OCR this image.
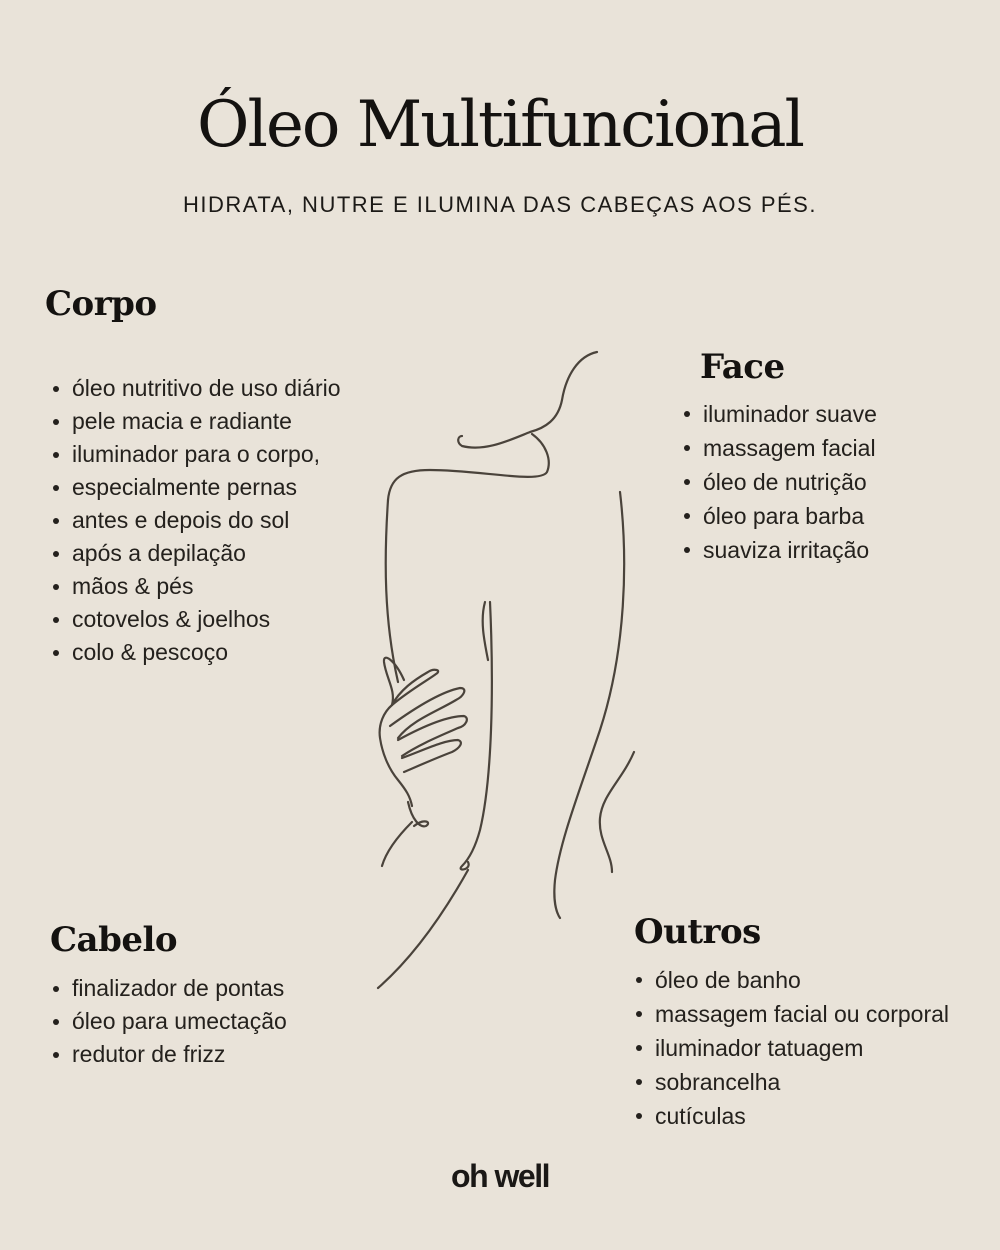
Óleo Multifuncional
HIDRATA, NUTRE E ILUMINA DAS CABEÇAS AOS PÉS.
Corpo
óleo nutritivo de uso diário
pele macia e radiante
iluminador para o corpo,
especialmente pernas
antes e depois do sol
após a depilação
mãos & pés
cotovelos & joelhos
colo & pescoço
Face
iluminador suave
massagem facial
óleo de nutrição
óleo para barba
suaviza irritação
Cabelo
finalizador de pontas
óleo para umectação
redutor de frizz
Outros
óleo de banho
massagem facial ou corporal
iluminador tatuagem
sobrancelha
cutículas
oh well
